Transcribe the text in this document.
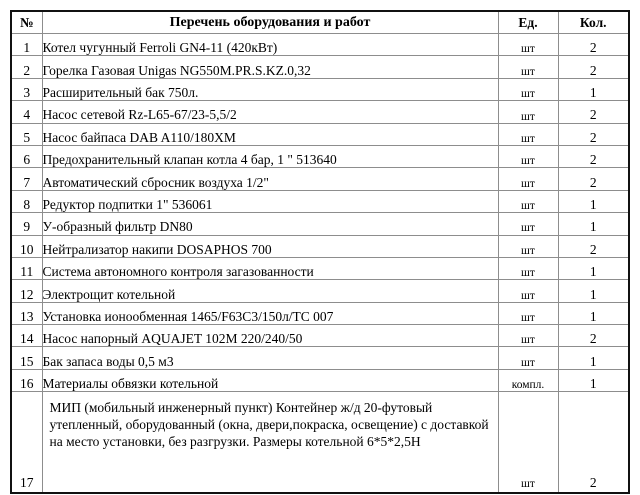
№	Перечень оборудования и работ	Ед.	Кол.
1	Котел чугунный Ferroli GN4-11 (420кВт)	шт	2
2	Горелка Газовая Unigas NG550M.PR.S.KZ.0,32	шт	2
3	Расширительный бак 750л.	шт	1
4	Насос сетевой Rz-L65-67/23-5,5/2	шт	2
5	Насос байпаса DAB A110/180XM	шт	2
6	Предохранительный клапан котла 4 бар, 1 " 513640	шт	2
7	Автоматический сбросник воздуха 1/2"	шт	2
8	Редуктор подпитки 1" 536061	шт	1
9	У-образный фильтр DN80	шт	1
10	Нейтрализатор накипи DOSAPHOS 700	шт	2
11	Система автономного контроля загазованности	шт	1
12	Электрощит котельной	шт	1
13	Установка ионообменная 1465/F63C3/150л/TC 007	шт	1
14	Насос напорный AQUAJET 102M 220/240/50	шт	2
15	Бак запаса воды 0,5 м3	шт	1
16	Материалы обвязки котельной	компл.	1
17	МИП (мобильный инженерный пункт) Контейнер ж/д 20-футовый утепленный, оборудованный (окна, двери,покраска, освещение) с доставкой на место установки, без разгрузки. Размеры котельной 6*5*2,5Н	шт	2
